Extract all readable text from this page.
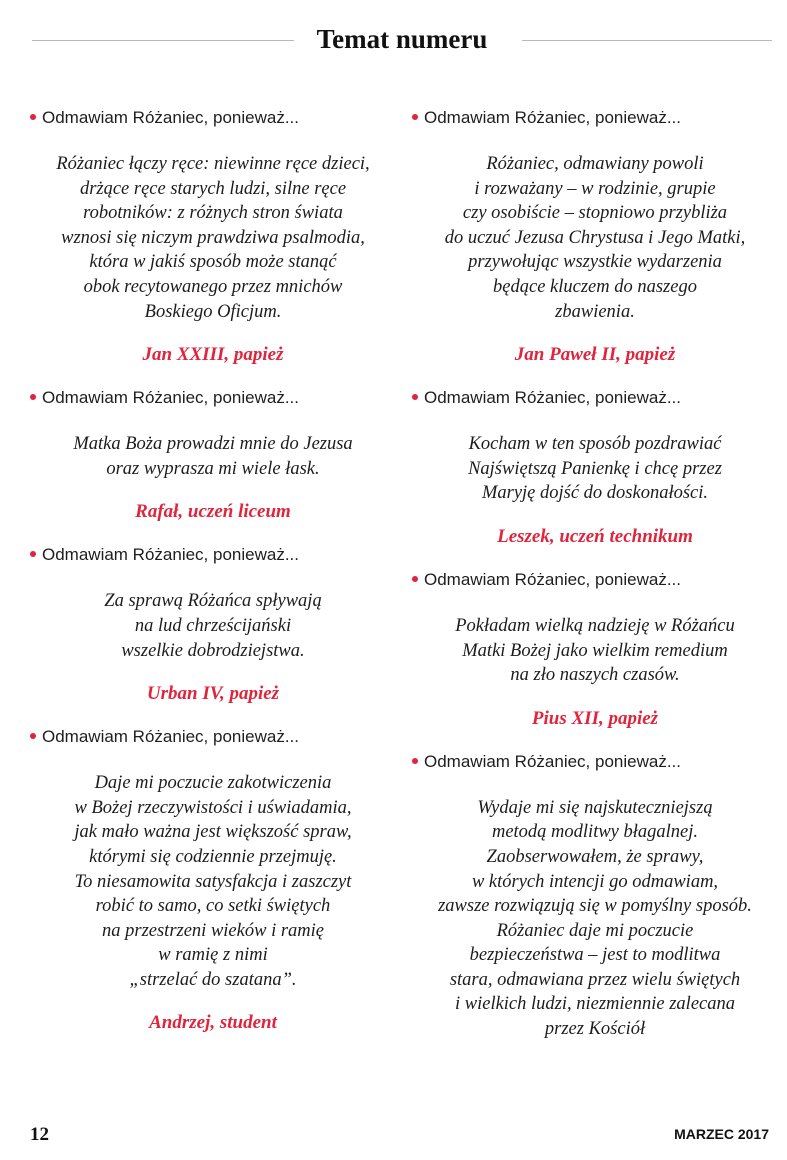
Temat numeru
Odmawiam Różaniec, ponieważ...
Różaniec łączy ręce: niewinne ręce dzieci,
drżące ręce starych ludzi, silne ręce
robotników: z różnych stron świata
wznosi się niczym prawdziwa psalmodia,
która w jakiś sposób może stanąć
obok recytowanego przez mnichów
Boskiego Oficjum.
Jan XXIII, papież
Odmawiam Różaniec, ponieważ...
Matka Boża prowadzi mnie do Jezusa
oraz wyprasza mi wiele łask.
Rafał, uczeń liceum
Odmawiam Różaniec, ponieważ...
Za sprawą Różańca spływają
na lud chrześcijański
wszelkie dobrodziejstwa.
Urban IV, papież
Odmawiam Różaniec, ponieważ...
Daje mi poczucie zakotwiczenia
w Bożej rzeczywistości i uświadamia,
jak mało ważna jest większość spraw,
którymi się codziennie przejmuję.
To niesamowita satysfakcja i zaszczyt
robić to samo, co setki świętych
na przestrzeni wieków i ramię
w ramię z nimi
„strzelać do szatana”.
Andrzej, student
Odmawiam Różaniec, ponieważ...
Różaniec, odmawiany powoli
i rozważany – w rodzinie, grupie
czy osobiście – stopniowo przybliża
do uczuć Jezusa Chrystusa i Jego Matki,
przywołując wszystkie wydarzenia
będące kluczem do naszego
zbawienia.
Jan Paweł II, papież
Odmawiam Różaniec, ponieważ...
Kocham w ten sposób pozdrawiać
Najświętszą Panienkę i chcę przez
Maryję dojść do doskonałości.
Leszek, uczeń technikum
Odmawiam Różaniec, ponieważ...
Pokładam wielką nadzieję w Różańcu
Matki Bożej jako wielkim remedium
na zło naszych czasów.
Pius XII, papież
Odmawiam Różaniec, ponieważ...
Wydaje mi się najskuteczniejszą
metodą modlitwy błagalnej.
Zaobserwowałem, że sprawy,
w których intencji go odmawiam,
zawsze rozwiązują się w pomyślny sposób.
Różaniec daje mi poczucie
bezpieczeństwa – jest to modlitwa
stara, odmawiana przez wielu świętych
i wielkich ludzi, niezmiennie zalecana
przez Kościół
12	MARZEC 2017
